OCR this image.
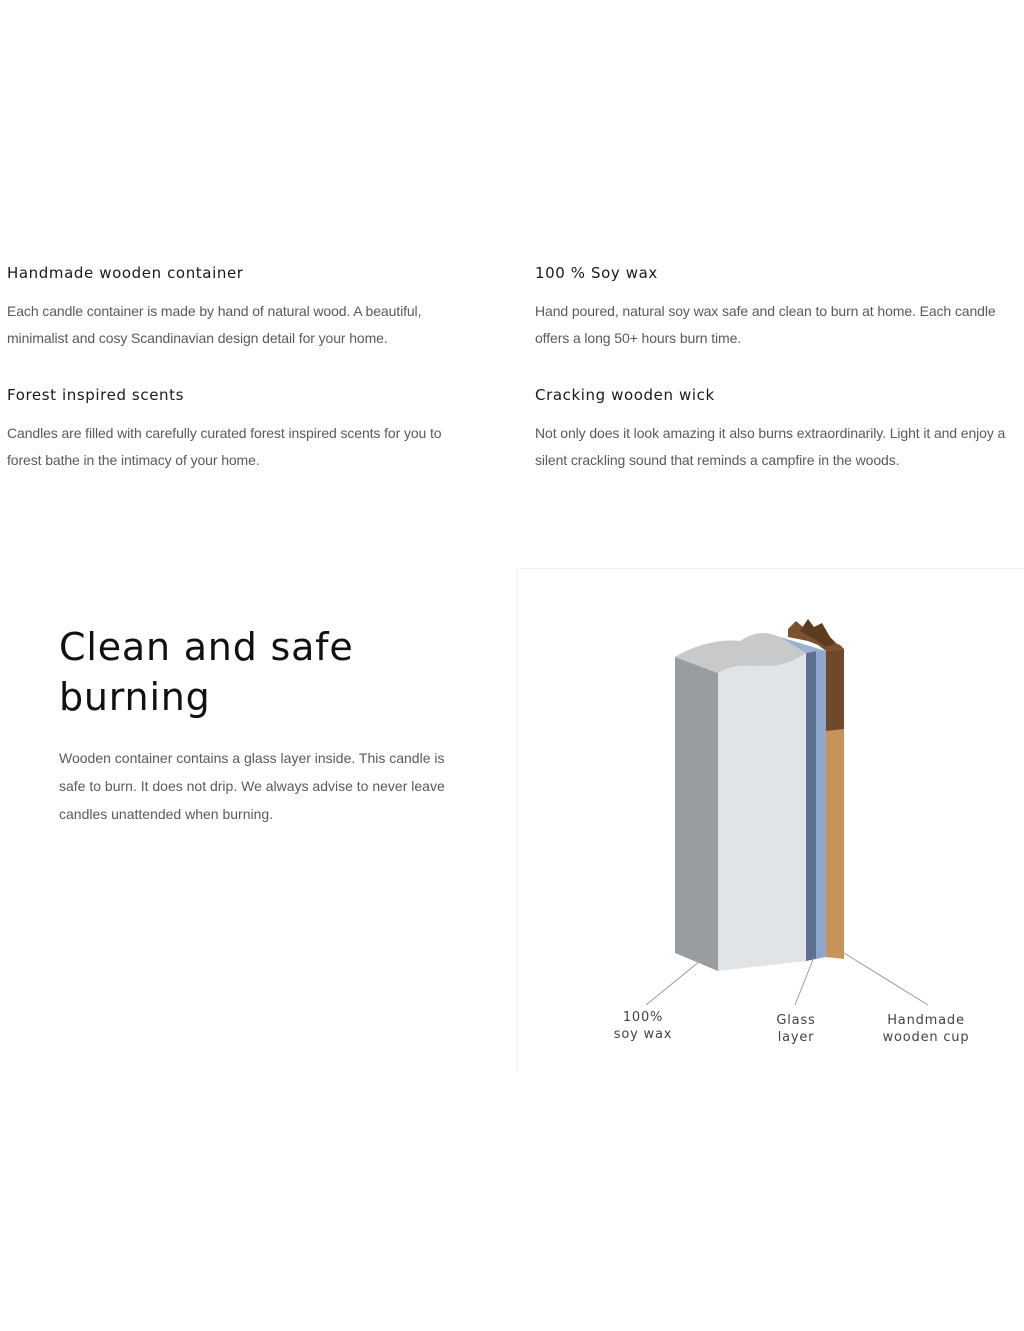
Handmade wooden container

Each candle container is made by hand of natural wood. A beautiful, minimalist and cosy Scandinavian design detail for your home.

100 % Soy wax

Hand poured, natural soy wax safe and clean to burn at home. Each candle offers a long 50+ hours burn time.

Forest inspired scents

Candles are filled with carefully curated forest inspired scents for you to forest bathe in the intimacy of your home.

Cracking wooden wick

Not only does it look amazing it also burns extraordinarily. Light it and enjoy a silent crackling sound that reminds a campfire in the woods.

Clean and safe burning

Wooden container contains a glass layer inside. This candle is safe to burn. It does not drip. We always advise to never leave candles unattended when burning.

100%
soy wax
Glass
layer
Handmade
wooden cup
